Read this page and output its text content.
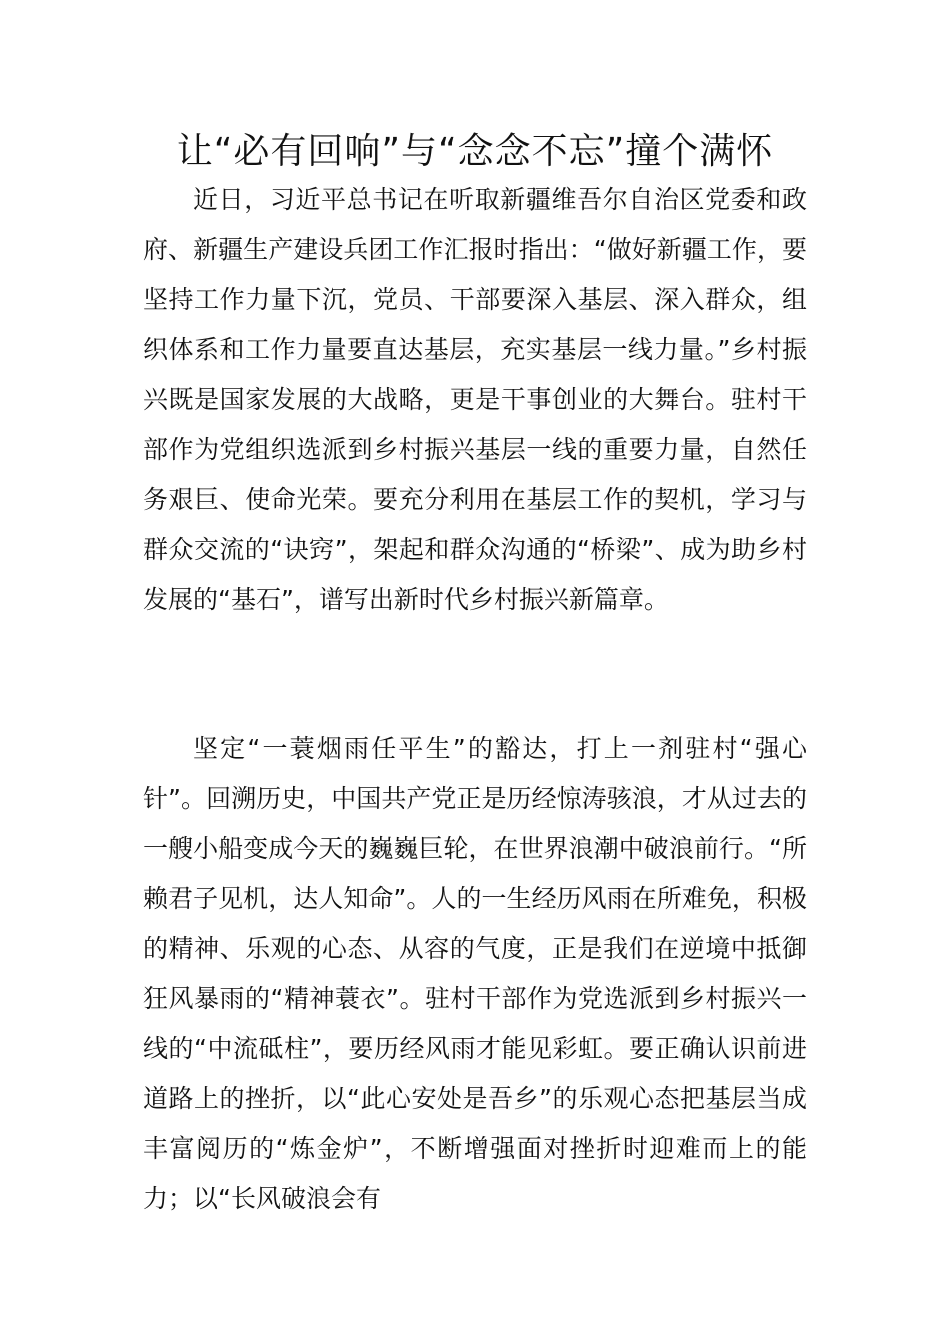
让“必有回响”与“念念不忘”撞个满怀

近日，习近平总书记在听取新疆维吾尔自治区党委和政府、新疆生产建设兵团工作汇报时指出：“做好新疆工作，要坚持工作力量下沉，党员、干部要深入基层、深入群众，组织体系和工作力量要直达基层，充实基层一线力量。”乡村振兴既是国家发展的大战略，更是干事创业的大舞台。驻村干部作为党组织选派到乡村振兴基层一线的重要力量，自然任务艰巨、使命光荣。要充分利用在基层工作的契机，学习与群众交流的“诀窍”，架起和群众沟通的“桥梁”、成为助乡村发展的“基石”，谱写出新时代乡村振兴新篇章。

坚定“一蓑烟雨任平生”的豁达，打上一剂驻村“强心针”。回溯历史，中国共产党正是历经惊涛骇浪，才从过去的一艘小船变成今天的巍巍巨轮，在世界浪潮中破浪前行。“所赖君子见机，达人知命”。人的一生经历风雨在所难免，积极的精神、乐观的心态、从容的气度，正是我们在逆境中抵御狂风暴雨的“精神蓑衣”。驻村干部作为党选派到乡村振兴一线的“中流砥柱”，要历经风雨才能见彩虹。要正确认识前进道路上的挫折，以“此心安处是吾乡”的乐观心态把基层当成丰富阅历的“炼金炉”，不断增强面对挫折时迎难而上的能力；以“长风破浪会有
